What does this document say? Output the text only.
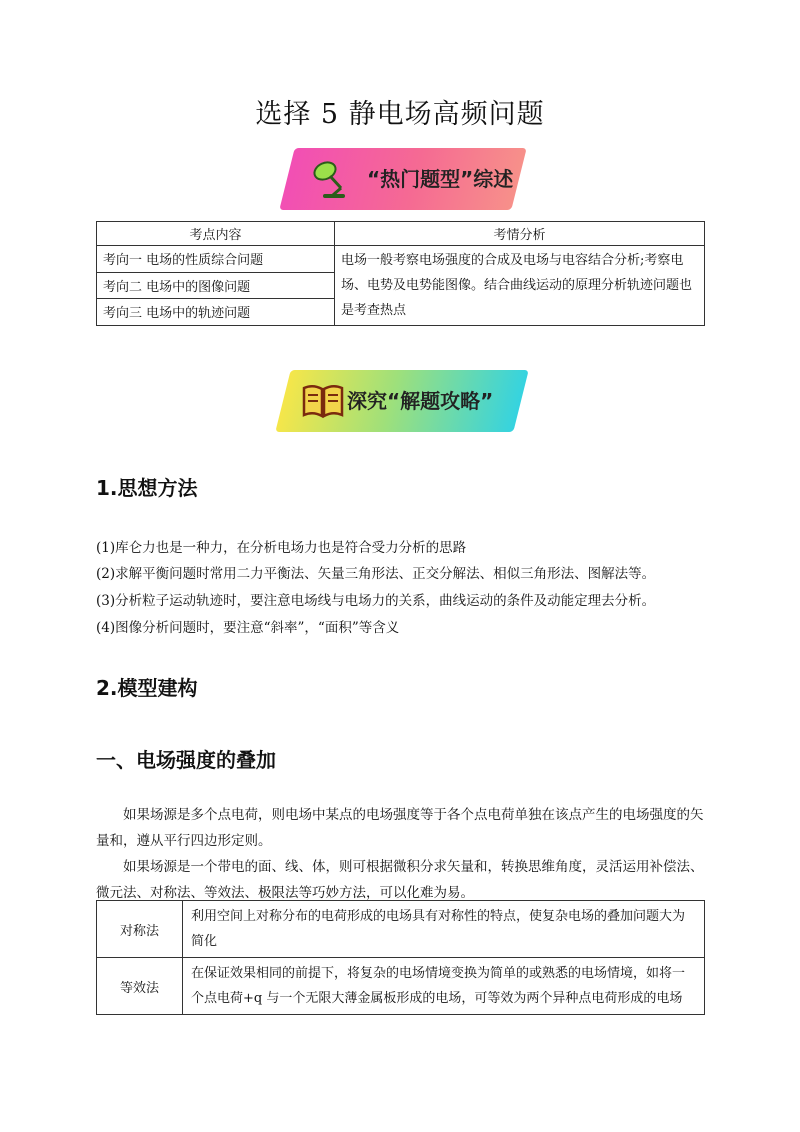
选择 5 静电场高频问题
“热门题型”综述
考点内容	考情分析
考向一 电场的性质综合问题	电场一般考察电场强度的合成及电场与电容结合分析;考察电场、电势及电势能图像。结合曲线运动的原理分析轨迹问题也是考查热点
考向二 电场中的图像问题	
考向三 电场中的轨迹问题	
深究“解题攻略”
1.思想方法
(1)库仑力也是一种力，在分析电场力也是符合受力分析的思路
(2)求解平衡问题时常用二力平衡法、矢量三角形法、正交分解法、相似三角形法、图解法等。
(3)分析粒子运动轨迹时，要注意电场线与电场力的关系，曲线运动的条件及动能定理去分析。
(4)图像分析问题时，要注意“斜率”，“面积”等含义
2.模型建构
一、电场强度的叠加
如果场源是多个点电荷，则电场中某点的电场强度等于各个点电荷单独在该点产生的电场强度的矢量和，遵从平行四边形定则。
如果场源是一个带电的面、线、体，则可根据微积分求矢量和，转换思维角度，灵活运用补偿法、微元法、对称法、等效法、极限法等巧妙方法，可以化难为易。
对称法	利用空间上对称分布的电荷形成的电场具有对称性的特点，使复杂电场的叠加问题大为简化
等效法	在保证效果相同的前提下，将复杂的电场情境变换为简单的或熟悉的电场情境，如将一个点电荷+q 与一个无限大薄金属板形成的电场，可等效为两个异种点电荷形成的电场
